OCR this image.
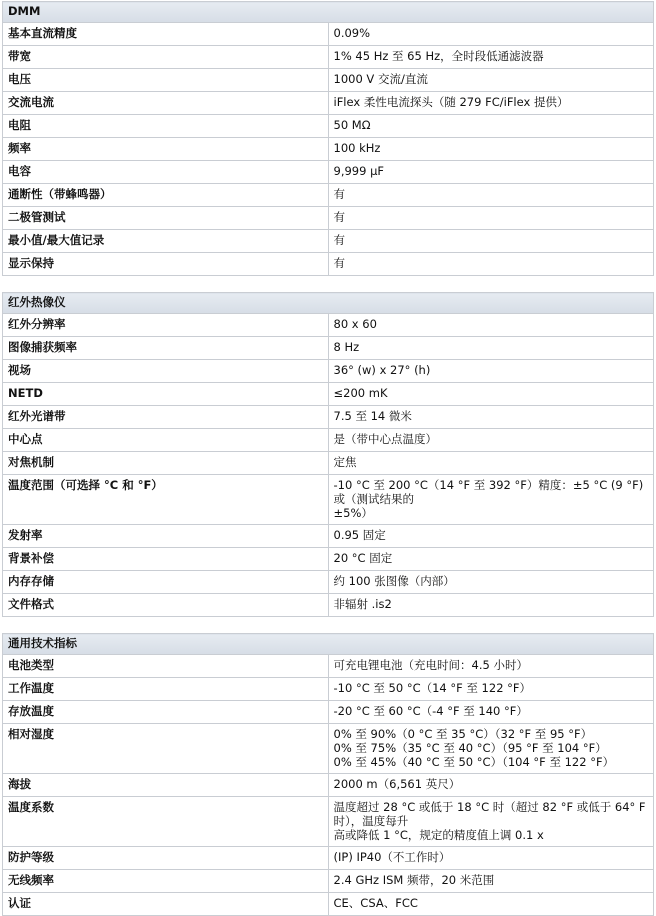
DMM	
基本直流精度	0.09%
带宽	1% 45 Hz 至 65 Hz，全时段低通滤波器
电压	1000 V 交流/直流
交流电流	iFlex 柔性电流探头（随 279 FC/iFlex 提供）
电阻	50 MΩ
频率	100 kHz
电容	9,999 µF
通断性（带蜂鸣器）	有
二极管测试	有
最小值/最大值记录	有
显示保持	有
红外热像仪	
红外分辨率	80 x 60
图像捕获频率	8 Hz
视场	36° (w) x 27° (h)
NETD	≤200 mK
红外光谱带	7.5 至 14 微米
中心点	是（带中心点温度）
对焦机制	定焦
温度范围（可选择 °C 和 °F）	-10 °C 至 200 °C（14 °F 至 392 °F）精度：±5 °C (9 °F) 或（测试结果的
±5%）
发射率	0.95 固定
背景补偿	20 °C 固定
内存存储	约 100 张图像（内部）
文件格式	非辐射 .is2
通用技术指标	
电池类型	可充电锂电池（充电时间：4.5 小时）
工作温度	-10 °C 至 50 °C（14 °F 至 122 °F）
存放温度	-20 °C 至 60 °C（-4 °F 至 140 °F）
相对湿度	0% 至 90%（0 °C 至 35 °C）（32 °F 至 95 °F）
0% 至 75%（35 °C 至 40 °C）（95 °F 至 104 °F）
0% 至 45%（40 °C 至 50 °C）（104 °F 至 122 °F）
海拔	2000 m（6,561 英尺）
温度系数	温度超过 28 °C 或低于 18 °C 时（超过 82 °F 或低于 64° F 时），温度每升
高或降低 1 °C，规定的精度值上调 0.1 x
防护等级	(IP) IP40（不工作时）
无线频率	2.4 GHz ISM 频带，20 米范围
认证	CE、CSA、FCC
